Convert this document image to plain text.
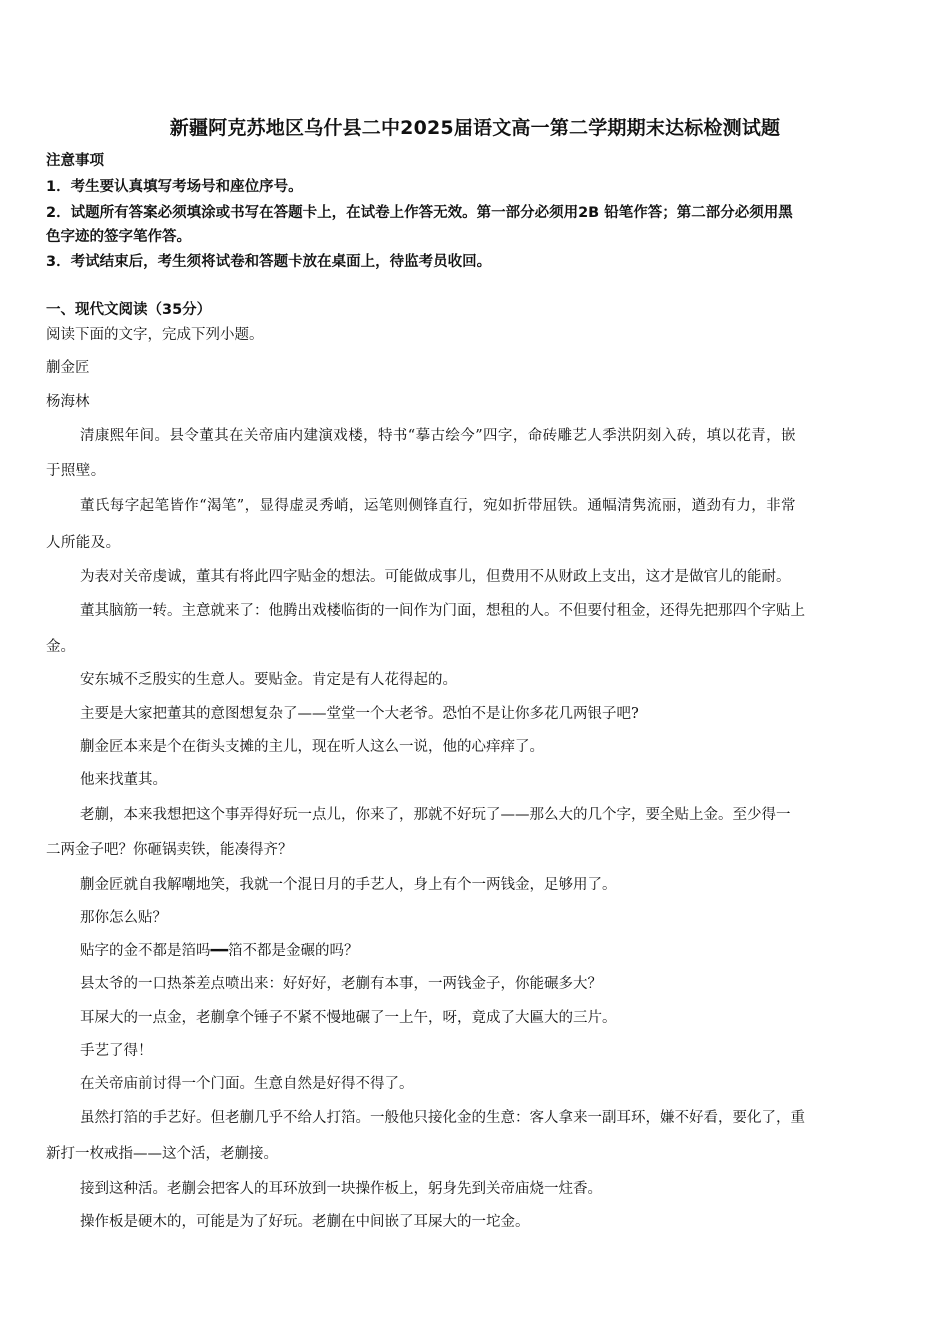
新疆阿克苏地区乌什县二中2025届语文高一第二学期期末达标检测试题
注意事项
1．考生要认真填写考场号和座位序号。
2．试题所有答案必须填涂或书写在答题卡上，在试卷上作答无效。第一部分必须用2B 铅笔作答；第二部分必须用黑
色字迹的签字笔作答。
3．考试结束后，考生须将试卷和答题卡放在桌面上，待监考员收回。
一、现代文阅读（35分）
阅读下面的文字，完成下列小题。
蒯金匠
杨海林
清康熙年间。县令董其在关帝庙内建演戏楼，特书“摹古绘今”四字，命砖雕艺人季洪阴刻入砖，填以花青，嵌
于照壁。
董氏每字起笔皆作“渴笔”，显得虚灵秀峭，运笔则侧锋直行，宛如折带屈铁。通幅清隽流丽，遒劲有力，非常
人所能及。
为表对关帝虔诚，董其有将此四字贴金的想法。可能做成事儿，但费用不从财政上支出，这才是做官儿的能耐。
董其脑筋一转。主意就来了：他腾出戏楼临街的一间作为门面，想租的人。不但要付租金，还得先把那四个字贴上
金。
安东城不乏殷实的生意人。要贴金。肯定是有人花得起的。
主要是大家把董其的意图想复杂了——堂堂一个大老爷。恐怕不是让你多花几两银子吧?
蒯金匠本来是个在街头支摊的主儿，现在听人这么一说，他的心痒痒了。
他来找董其。
老蒯，本来我想把这个事弄得好玩一点儿，你来了，那就不好玩了——那么大的几个字，要全贴上金。至少得一
二两金子吧？你砸锅卖铁，能凑得齐？
蒯金匠就自我解嘲地笑，我就一个混日月的手艺人，身上有个一两钱金，足够用了。
那你怎么贴？
贴字的金不都是箔吗━━箔不都是金碾的吗？
县太爷的一口热茶差点喷出来：好好好，老蒯有本事，一两钱金子，你能碾多大？
耳屎大的一点金，老蒯拿个锤子不紧不慢地碾了一上午，呀，竟成了大匾大的三片。
手艺了得！
在关帝庙前讨得一个门面。生意自然是好得不得了。
虽然打箔的手艺好。但老蒯几乎不给人打箔。一般他只接化金的生意：客人拿来一副耳环，嫌不好看，要化了，重
新打一枚戒指——这个活，老蒯接。
接到这种活。老蒯会把客人的耳环放到一块操作板上，躬身先到关帝庙烧一炷香。
操作板是硬木的，可能是为了好玩。老蒯在中间嵌了耳屎大的一坨金。
